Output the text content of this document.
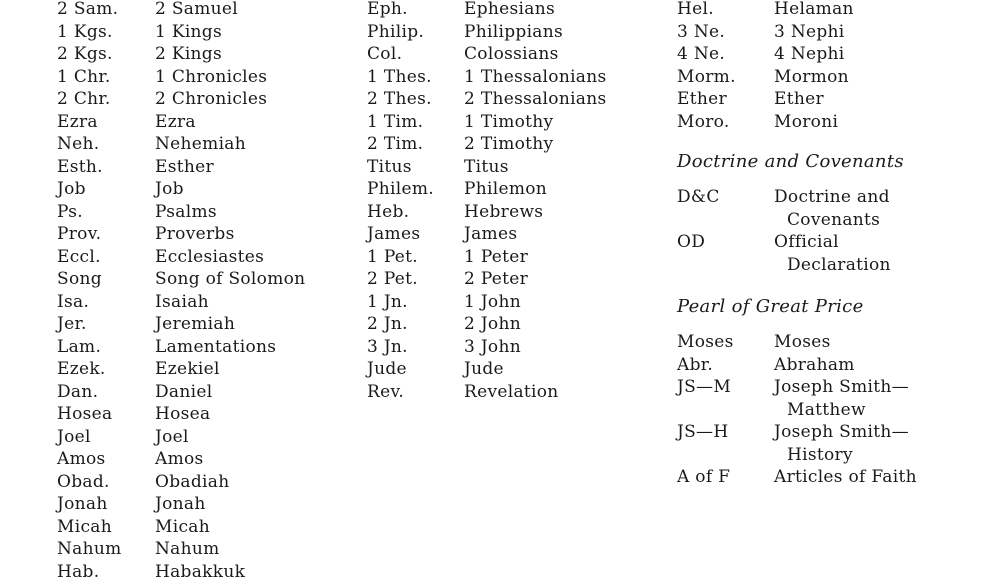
2 Sam. 2 Samuel
1 Kgs. 1 Kings
2 Kgs. 2 Kings
1 Chr.	1 Chronicles
2 Chr.	2 Chronicles
Ezra	Ezra
Neh.	Nehemiah
Esth.	Esther
Job	Job
Ps.	Psalms
Prov.	Proverbs
Eccl.	Ecclesiastes
Song	Song of Solomon
Isa.	Isaiah
Jer.	Jeremiah
Lam.	Lamentations
Ezek.	Ezekiel
Dan.	Daniel
Hosea	Hosea
Joel	Joel
Amos	Amos
Obad.	Obadiah
Jonah	Jonah
Micah	Micah
Nahum Nahum
Hab.	Habakkuk
Eph.	Ephesians
Philip. Philippians
Col.	Colossians
1 Thes. 1 Thessalonians
2 Thes. 2 Thessalonians
1 Tim. 1 Timothy
2 Tim. 2 Timothy
Titus	Titus
Philem. Philemon
Heb.	Hebrews
James	James
1 Pet.	1 Peter
2 Pet.	2 Peter
1 Jn.	1 John
2 Jn.	2 John
3 Jn.	3 John
Jude	Jude
Rev.	Revelation
Hel.	Helaman
3 Ne.	3 Nephi
4 Ne.	4 Nephi
Morm. Mormon
Ether	Ether
Moro.	Moroni
Doctrine and Covenants
D&C	Doctrine and
Covenants
OD	Official
Declaration
Pearl of Great Price
Moses Moses
Abr.	Abraham
JS—M	Joseph Smith—
Matthew
JS—H	Joseph Smith—
History
A of F	Articles of Faith
